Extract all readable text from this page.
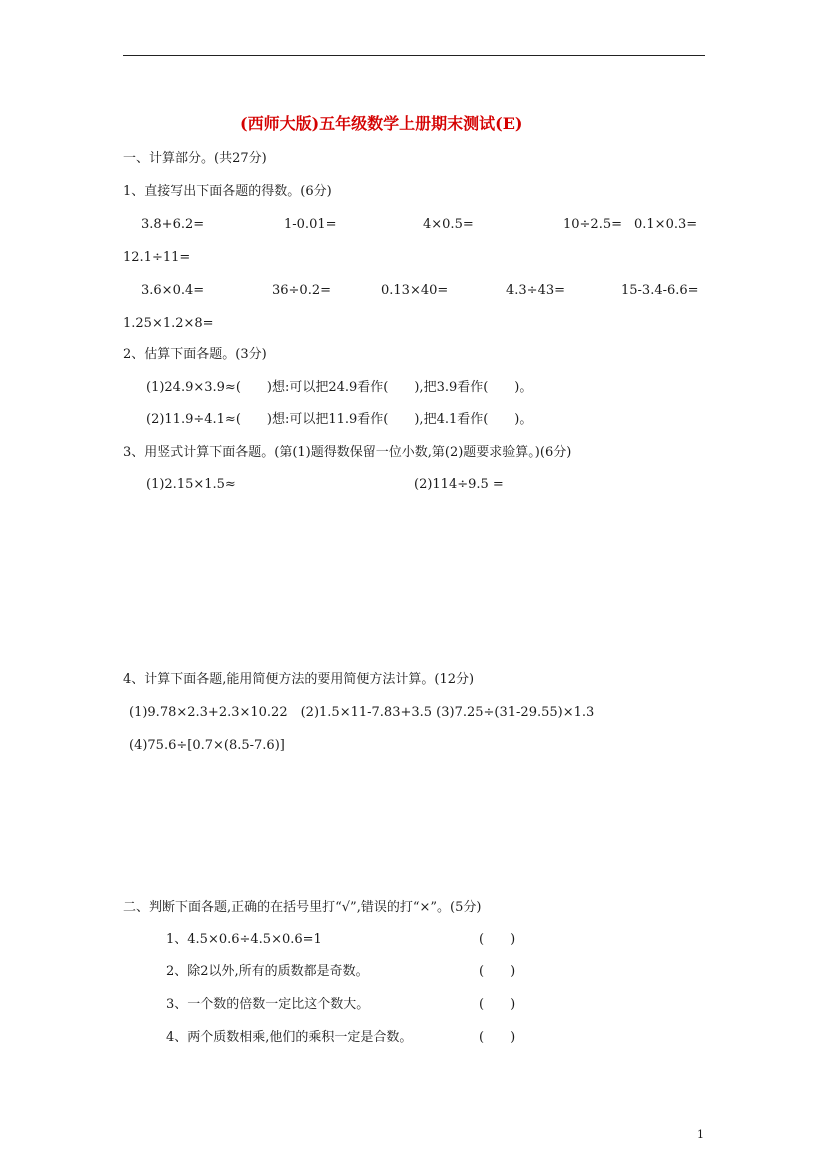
(西师大版)五年级数学上册期末测试(E)
一、计算部分。(共27分)
1、直接写出下面各题的得数。(6分)
3.8+6.2=	1-0.01=	4×0.5=	10÷2.5= 0.1×0.3=
12.1÷11=
3.6×0.4=	36÷0.2=	0.13×40=	4.3÷43=	15-3.4-6.6=
1.25×1.2×8=
2、估算下面各题。(3分)
(1)24.9×3.9≈(　　)想:可以把24.9看作(　　),把3.9看作(　　)。
(2)11.9÷4.1≈(　　)想:可以把11.9看作(　　),把4.1看作(　　)。
3、用竖式计算下面各题。(第(1)题得数保留一位小数,第(2)题要求验算。)(6分)
(1)2.15×1.5≈	(2)114÷9.5 =
4、计算下面各题,能用简便方法的要用简便方法计算。(12分)
(1)9.78×2.3+2.3×10.22　(2)1.5×11-7.83+3.5 (3)7.25÷(31-29.55)×1.3
(4)75.6÷[0.7×(8.5-7.6)]
二、判断下面各题,正确的在括号里打“√”,错误的打“×”。(5分)
1、4.5×0.6÷4.5×0.6=1	(　　)
2、除2以外,所有的质数都是奇数。	(　　)
3、一个数的倍数一定比这个数大。	(　　)
4、两个质数相乘,他们的乘积一定是合数。	(　　)
1
